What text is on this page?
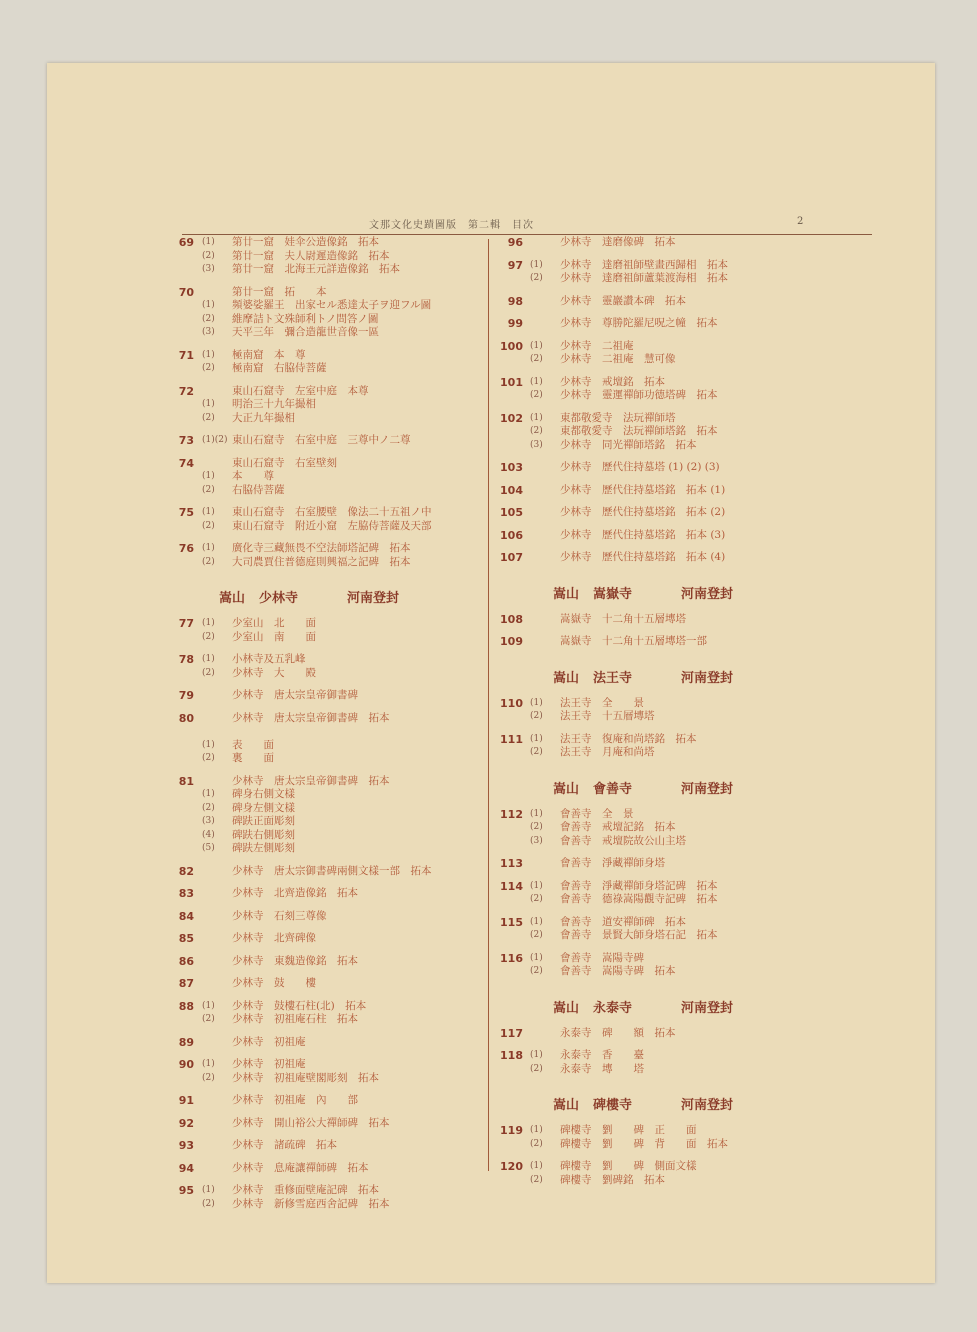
文那文化史蹟圖版　第二輯　目次	2
69 (1) 第廿一窟　娃伞公造像銘　拓本
(2) 第廿一窟　夫人尉遲造像銘　拓本
(3) 第廿一窟　北海王元詳造像銘　拓本
70	第廿一窟　拓　　本
(1) 頻婆娑羅王　出家セル悉達太子ヲ迎フル圖
(2) 維摩詰ト文殊師利トノ問答ノ圖
(3) 天平三年　彌合造龍世音像一區
71 (1) 極南窟　本　尊
(2) 極南窟　右脇侍菩薩
72	東山石窟寺　左室中庭　本尊
(1) 明治三十九年撮相
(2) 大正九年撮相
73 (1)(2) 東山石窟寺　右室中庭　三尊中ノ二尊
74	東山石窟寺　右室壁刻
(1) 本　　尊
(2) 右脇侍菩薩
75 (1) 東山石窟寺　右室腰壁　像法二十五祖ノ中
(2) 東山石窟寺　附近小窟　左脇侍菩薩及天部
76 (1) 廣化寺三藏無畏不空法師塔記碑　拓本
(2) 大司農賈住普德庭則興福之記碑　拓本
嵩山 少林寺	河南登封
77 (1) 少室山　北　　面
(2) 少室山　南　　面
78 (1) 小林寺及五乳峰
(2) 少林寺　大　　殿
79	少林寺　唐太宗皇帝御書碑
80	少林寺　唐太宗皇帝御書碑　拓本
(1) 表　　面
(2) 裏　　面
81	少林寺　唐太宗皇帝御書碑　拓本
(1) 碑身右側文樣
(2) 碑身左側文樣
(3) 碑趺正面彫刻
(4) 碑趺右側彫刻
(5) 碑趺左側彫刻
82	少林寺　唐太宗御書碑兩側文樣一部　拓本
83	少林寺　北齊造像銘　拓本
84	少林寺　石刻三尊像
85	少林寺　北齊碑像
86	少林寺　東魏造像銘　拓本
87	少林寺　鼓　　樓
88 (1) 少林寺　鼓樓石柱(北)　拓本
(2) 少林寺　初祖庵石柱　拓本
89	少林寺　初祖庵
90 (1) 少林寺　初祖庵
(2) 少林寺　初祖庵壁閣彫刻　拓本
91	少林寺　初祖庵　內　　部
92	少林寺　開山裕公大禪師碑　拓本
93	少林寺　諸疏碑　拓本
94	少林寺　息庵讓禪師碑　拓本
95 (1) 少林寺　重修面壁庵記碑　拓本
(2) 少林寺　新修雪庭西舍記碑　拓本
96	少林寺　達磨像碑　拓本
97 (1) 少林寺　達磨祖師壁畫西歸相　拓本
(2) 少林寺　達磨祖師蘆葉渡海相　拓本
98	少林寺　靈巖讚本碑　拓本
99	少林寺　尊勝陀羅尼呪之幢　拓本
100 (1) 少林寺　二祖庵
(2) 少林寺　二祖庵　慧可像
101 (1) 少林寺　戒壇銘　拓本
(2) 少林寺　靈運禪師功德塔碑　拓本
102 (1) 東都敬愛寺　法玩禪師塔
(2) 東都敬愛寺　法玩禪師塔銘　拓本
(3) 少林寺　同光禪師塔銘　拓本
103	少林寺　歷代住持墓塔 (1) (2) (3)
104	少林寺　歷代住持墓塔銘　拓本 (1)
105	少林寺　歷代住持墓塔銘　拓本 (2)
106	少林寺　歷代住持墓塔銘　拓本 (3)
107	少林寺　歷代住持墓塔銘　拓本 (4)
嵩山 嵩嶽寺	河南登封
108	嵩嶽寺　十二角十五層塼塔
109	嵩嶽寺　十二角十五層塼塔一部
嵩山 法王寺	河南登封
110 (1) 法王寺　全　　景
(2) 法王寺　十五層塼塔
111 (1) 法王寺　復庵和尚塔銘　拓本
(2) 法王寺　月庵和尚塔
嵩山 會善寺	河南登封
112 (1) 會善寺　全　景
(2) 會善寺　戒壇記銘　拓本
(3) 會善寺　戒壇院故公山主塔
113	會善寺　淨藏禪師身塔
114 (1) 會善寺　淨藏禪師身塔記碑　拓本
(2) 會善寺　德祿嵩陽觀寺記碑　拓本
115 (1) 會善寺　道安禪師碑　拓本
(2) 會善寺　景賢大師身塔石記　拓本
116 (1) 會善寺　嵩陽寺碑
(2) 會善寺　嵩陽寺碑　拓本
嵩山 永泰寺	河南登封
117	永泰寺　碑　　額　拓本
118 (1) 永泰寺　香　　臺
(2) 永泰寺　塼　　塔
嵩山 碑樓寺	河南登封
119 (1) 碑樓寺　劉　　碑　正　　面
(2) 碑樓寺　劉　　碑　背　　面　拓本
120 (1) 碑樓寺　劉　　碑　側面文樣
(2) 碑樓寺　劉碑銘　拓本
